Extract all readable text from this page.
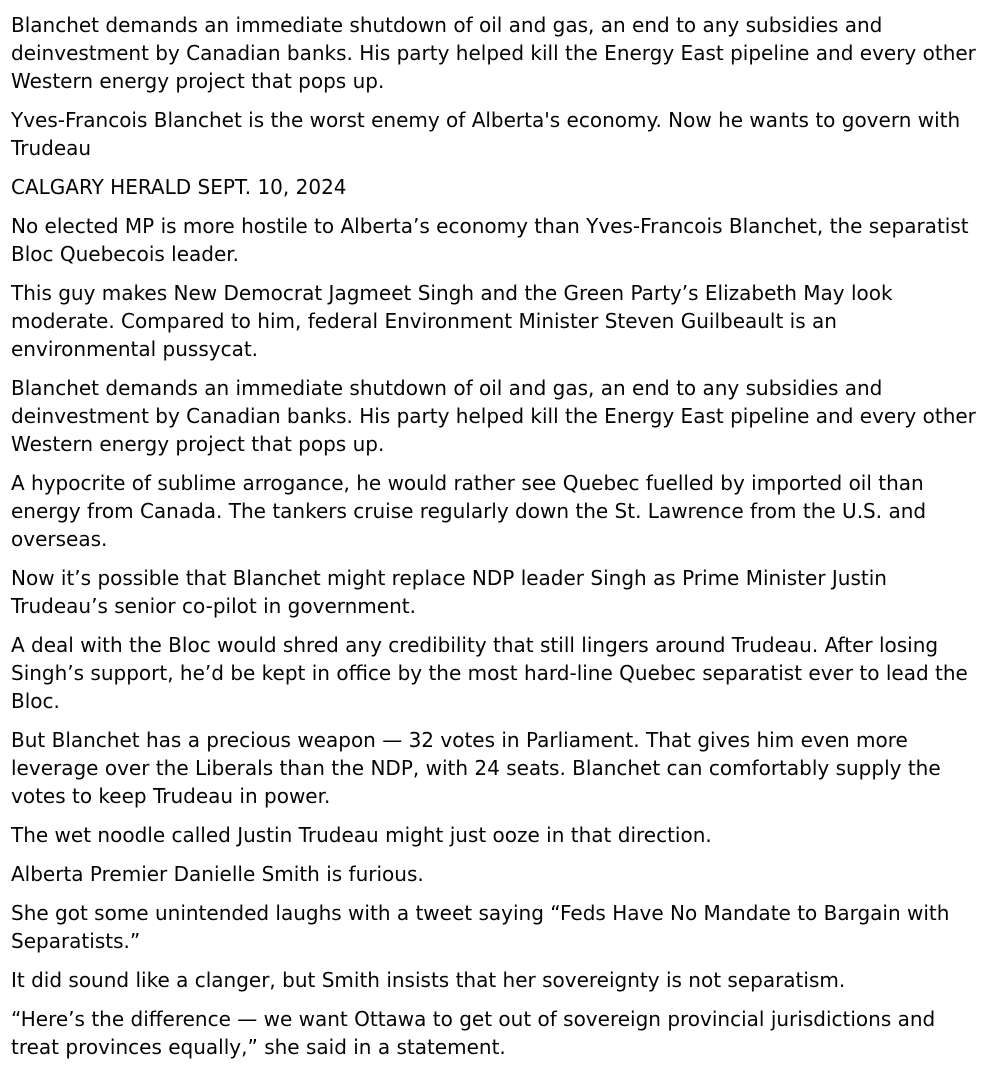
Blanchet demands an immediate shutdown of oil and gas, an end to any subsidies and deinvestment by Canadian banks. His party helped kill the Energy East pipeline and every other Western energy project that pops up.

Yves-Francois Blanchet is the worst enemy of Alberta's economy. Now he wants to govern with Trudeau

CALGARY HERALD SEPT. 10, 2024

No elected MP is more hostile to Alberta’s economy than Yves-Francois Blanchet, the separatist Bloc Quebecois leader.

This guy makes New Democrat Jagmeet Singh and the Green Party’s Elizabeth May look moderate. Compared to him, federal Environment Minister Steven Guilbeault is an environmental pussycat.

Blanchet demands an immediate shutdown of oil and gas, an end to any subsidies and deinvestment by Canadian banks. His party helped kill the Energy East pipeline and every other Western energy project that pops up.

A hypocrite of sublime arrogance, he would rather see Quebec fuelled by imported oil than energy from Canada. The tankers cruise regularly down the St. Lawrence from the U.S. and overseas.

Now it’s possible that Blanchet might replace NDP leader Singh as Prime Minister Justin Trudeau’s senior co-pilot in government.

A deal with the Bloc would shred any credibility that still lingers around Trudeau. After losing Singh’s support, he’d be kept in office by the most hard-line Quebec separatist ever to lead the Bloc.

But Blanchet has a precious weapon — 32 votes in Parliament. That gives him even more leverage over the Liberals than the NDP, with 24 seats. Blanchet can comfortably supply the votes to keep Trudeau in power.

The wet noodle called Justin Trudeau might just ooze in that direction.

Alberta Premier Danielle Smith is furious.

She got some unintended laughs with a tweet saying “Feds Have No Mandate to Bargain with Separatists.”

It did sound like a clanger, but Smith insists that her sovereignty is not separatism.

“Here’s the difference — we want Ottawa to get out of sovereign provincial jurisdictions and treat provinces equally,” she said in a statement.
